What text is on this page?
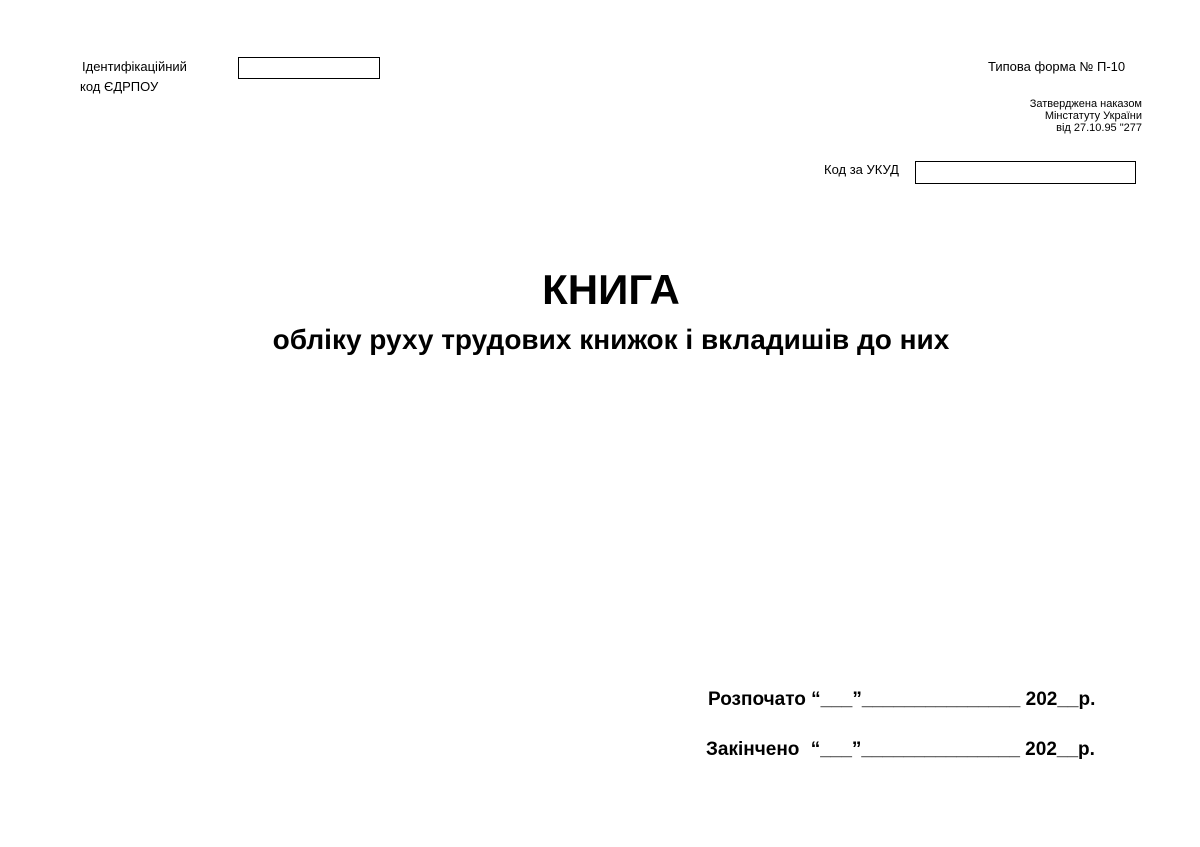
Ідентифікаційний
код ЄДРПОУ
Типова форма № П-10
Затверджена наказом
Мінстатуту України
від 27.10.95 "277
Код за УКУД
КНИГА
обліку руху трудових книжок і вкладишів до них
Розпочато “___”_______________ 202__р.
Закінчено “___”_______________ 202__р.
